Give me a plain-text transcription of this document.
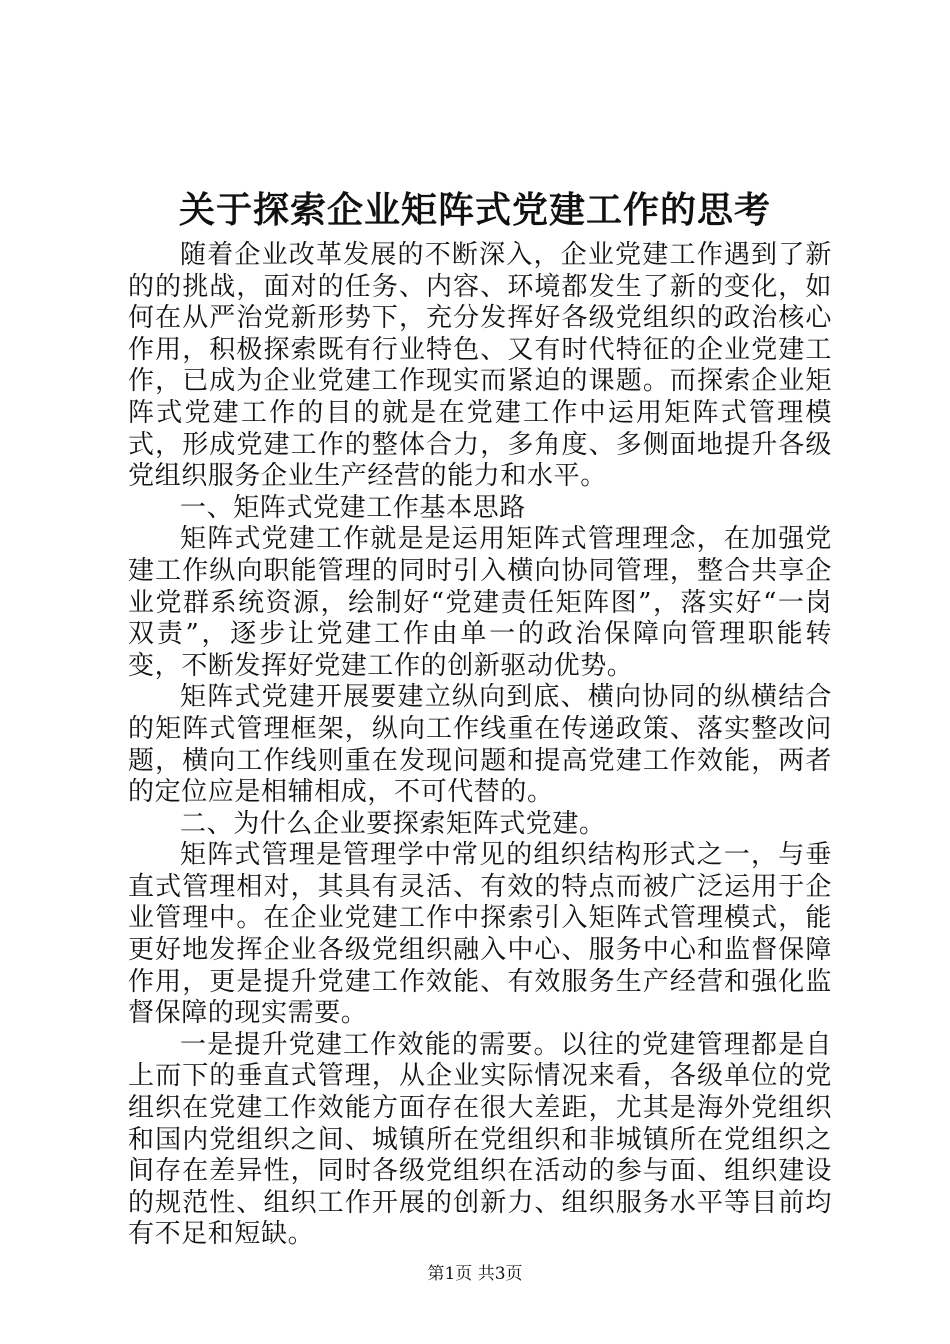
关于探索企业矩阵式党建工作的思考

随着企业改革发展的不断深入，企业党建工作遇到了新的的挑战，面对的任务、内容、环境都发生了新的变化，如何在从严治党新形势下，充分发挥好各级党组织的政治核心作用，积极探索既有行业特色、又有时代特征的企业党建工作，已成为企业党建工作现实而紧迫的课题。而探索企业矩阵式党建工作的目的就是在党建工作中运用矩阵式管理模式，形成党建工作的整体合力，多角度、多侧面地提升各级党组织服务企业生产经营的能力和水平。

一、矩阵式党建工作基本思路

矩阵式党建工作就是是运用矩阵式管理理念，在加强党建工作纵向职能管理的同时引入横向协同管理，整合共享企业党群系统资源，绘制好“党建责任矩阵图”，落实好“一岗双责”，逐步让党建工作由单一的政治保障向管理职能转变，不断发挥好党建工作的创新驱动优势。

矩阵式党建开展要建立纵向到底、横向协同的纵横结合的矩阵式管理框架，纵向工作线重在传递政策、落实整改问题，横向工作线则重在发现问题和提高党建工作效能，两者的定位应是相辅相成，不可代替的。

二、为什么企业要探索矩阵式党建。

矩阵式管理是管理学中常见的组织结构形式之一，与垂直式管理相对，其具有灵活、有效的特点而被广泛运用于企业管理中。在企业党建工作中探索引入矩阵式管理模式，能更好地发挥企业各级党组织融入中心、服务中心和监督保障作用，更是提升党建工作效能、有效服务生产经营和强化监督保障的现实需要。

一是提升党建工作效能的需要。以往的党建管理都是自上而下的垂直式管理，从企业实际情况来看，各级单位的党组织在党建工作效能方面存在很大差距，尤其是海外党组织和国内党组织之间、城镇所在党组织和非城镇所在党组织之间存在差异性，同时各级党组织在活动的参与面、组织建设的规范性、组织工作开展的创新力、组织服务水平等目前均有不足和短缺。

第1页 共3页
